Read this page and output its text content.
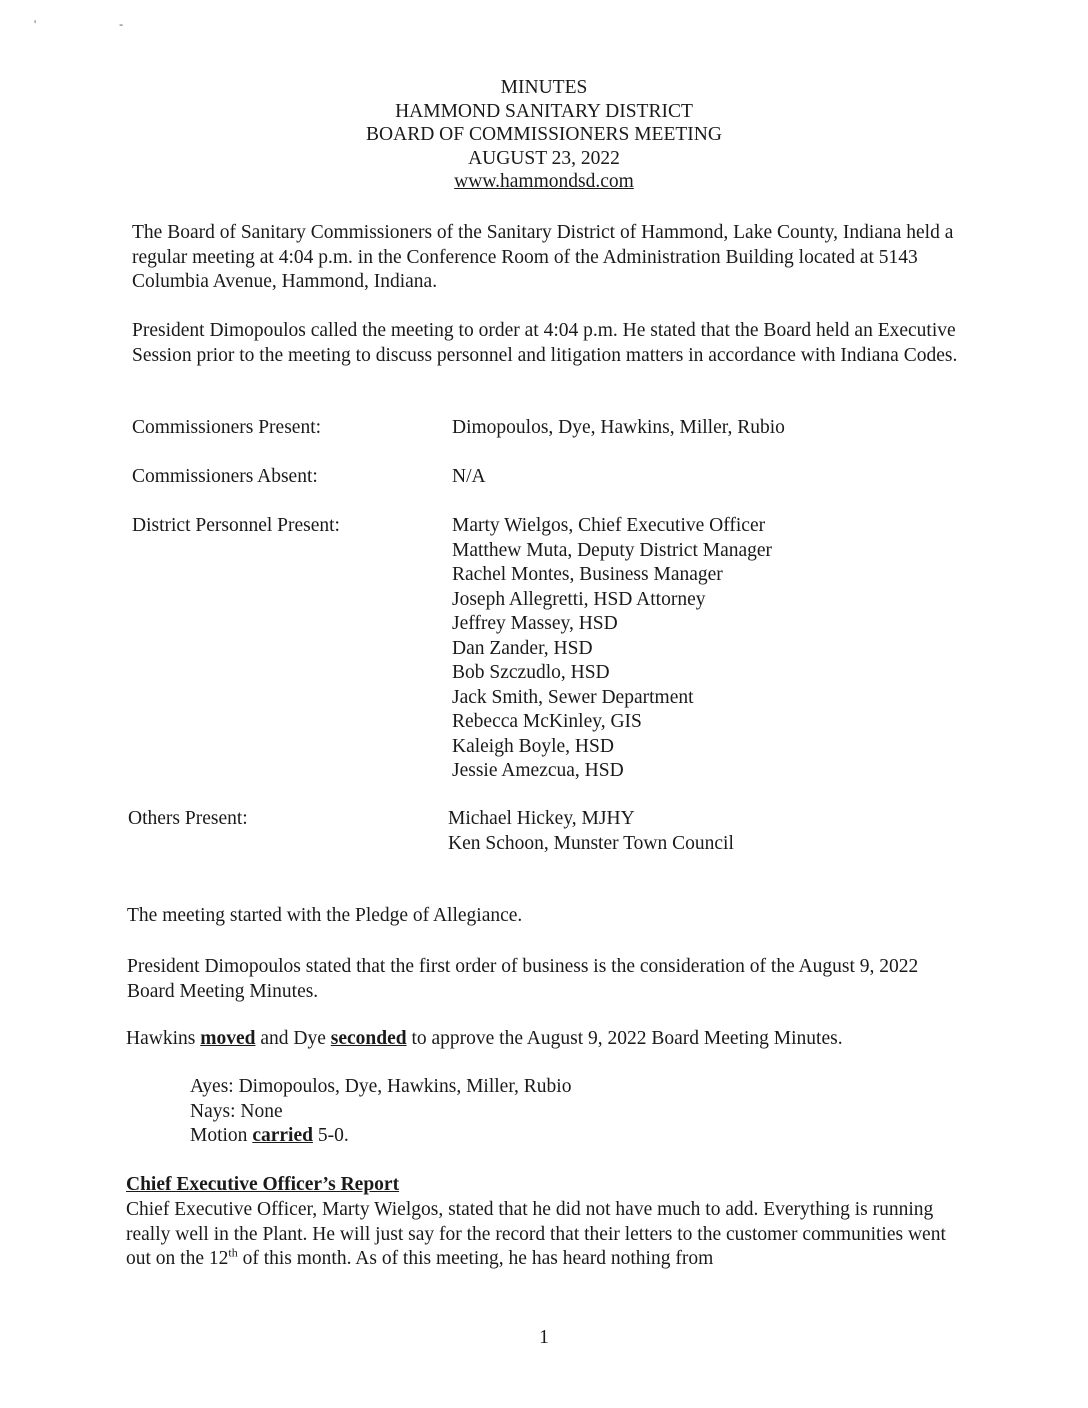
' -
MINUTES
HAMMOND SANITARY DISTRICT
BOARD OF COMMISSIONERS MEETING
AUGUST 23, 2022
www.hammondsd.com

The Board of Sanitary Commissioners of the Sanitary District of Hammond, Lake County, Indiana held a regular meeting at 4:04 p.m. in the Conference Room of the Administration Building located at 5143 Columbia Avenue, Hammond, Indiana.

President Dimopoulos called the meeting to order at 4:04 p.m. He stated that the Board held an Executive Session prior to the meeting to discuss personnel and litigation matters in accordance with Indiana Codes.

Commissioners Present:	Dimopoulos, Dye, Hawkins, Miller, Rubio
Commissioners Absent:	N/A
District Personnel Present:	Marty Wielgos, Chief Executive Officer
Matthew Muta, Deputy District Manager
Rachel Montes, Business Manager
Joseph Allegretti, HSD Attorney
Jeffrey Massey, HSD
Dan Zander, HSD
Bob Szczudlo, HSD
Jack Smith, Sewer Department
Rebecca McKinley, GIS
Kaleigh Boyle, HSD
Jessie Amezcua, HSD
Others Present:	Michael Hickey, MJHY
Ken Schoon, Munster Town Council

The meeting started with the Pledge of Allegiance.

President Dimopoulos stated that the first order of business is the consideration of the August 9, 2022 Board Meeting Minutes.

Hawkins moved and Dye seconded to approve the August 9, 2022 Board Meeting Minutes.

Ayes: Dimopoulos, Dye, Hawkins, Miller, Rubio
Nays: None
Motion carried 5-0.
Chief Executive Officer’s Report

Chief Executive Officer, Marty Wielgos, stated that he did not have much to add. Everything is running really well in the Plant. He will just say for the record that their letters to the customer communities went out on the 12th of this month. As of this meeting, he has heard nothing from

1
